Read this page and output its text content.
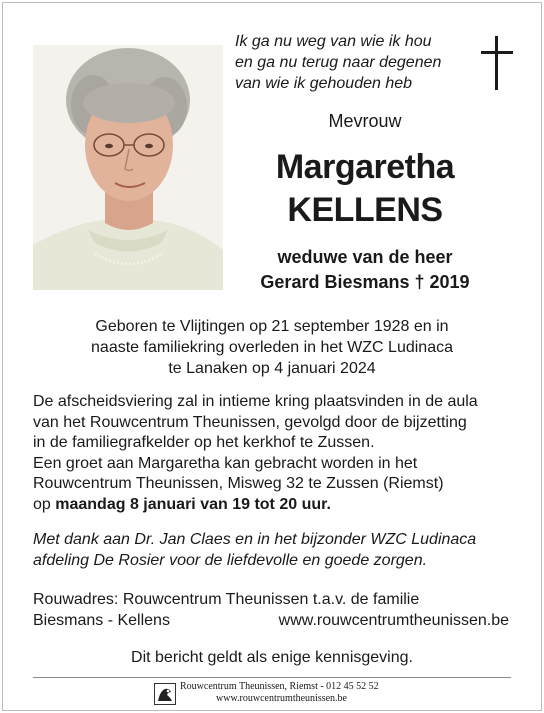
Ik ga nu weg van wie ik hou
en ga nu terug naar degenen
van wie ik gehouden heb
Mevrouw
Margaretha
KELLENS
weduwe van de heer
Gerard Biesmans † 2019
Geboren te Vlijtingen op 21 september 1928 en in
naaste familiekring overleden in het WZC Ludinaca
te Lanaken op 4 januari 2024
De afscheidsviering zal in intieme kring plaatsvinden in de aula
van het Rouwcentrum Theunissen, gevolgd door de bijzetting
in de familiegrafkelder op het kerkhof te Zussen.
Een groet aan Margaretha kan gebracht worden in het
Rouwcentrum Theunissen, Misweg 32 te Zussen (Riemst)
op maandag 8 januari van 19 tot 20 uur.
Met dank aan Dr. Jan Claes en in het bijzonder WZC Ludinaca
afdeling De Rosier voor de liefdevolle en goede zorgen.
Rouwadres: Rouwcentrum Theunissen t.a.v. de familie
Biesmans - Kellens	www.rouwcentrumtheunissen.be
Dit bericht geldt als enige kennisgeving.
Rouwcentrum Theunissen, Riemst - 012 45 52 52
www.rouwcentrumtheunissen.be
